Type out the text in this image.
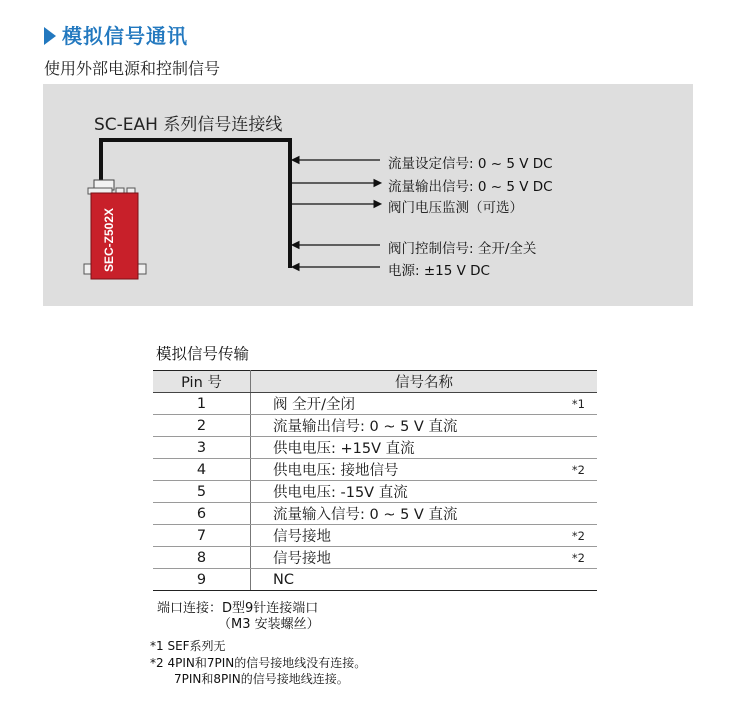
模拟信号通讯
使用外部电源和控制信号
SC-EAH 系列信号连接线
SEC-Z502X
流量设定信号: 0 ~ 5 V DC
流量输出信号: 0 ~ 5 V DC
阀门电压监测（可选）
阀门控制信号: 全开/全关
电源: ±15 V DC
模拟信号传输
Pin 号	信号名称
1	阀 全开/全闭 *1

2	流量输出信号: 0 ~ 5 V 直流

3	供电电压: +15V 直流

4	供电电压: 接地信号 *2

5	供电电压: -15V 直流

6	流量输入信号: 0 ~ 5 V 直流

7	信号接地 *2

8	信号接地 *2

9	NC
端口连接：D型9针连接端口
（M3 安装螺丝）
*1 SEF系列无
*2 4PIN和7PIN的信号接地线没有连接。
7PIN和8PIN的信号接地线连接。
